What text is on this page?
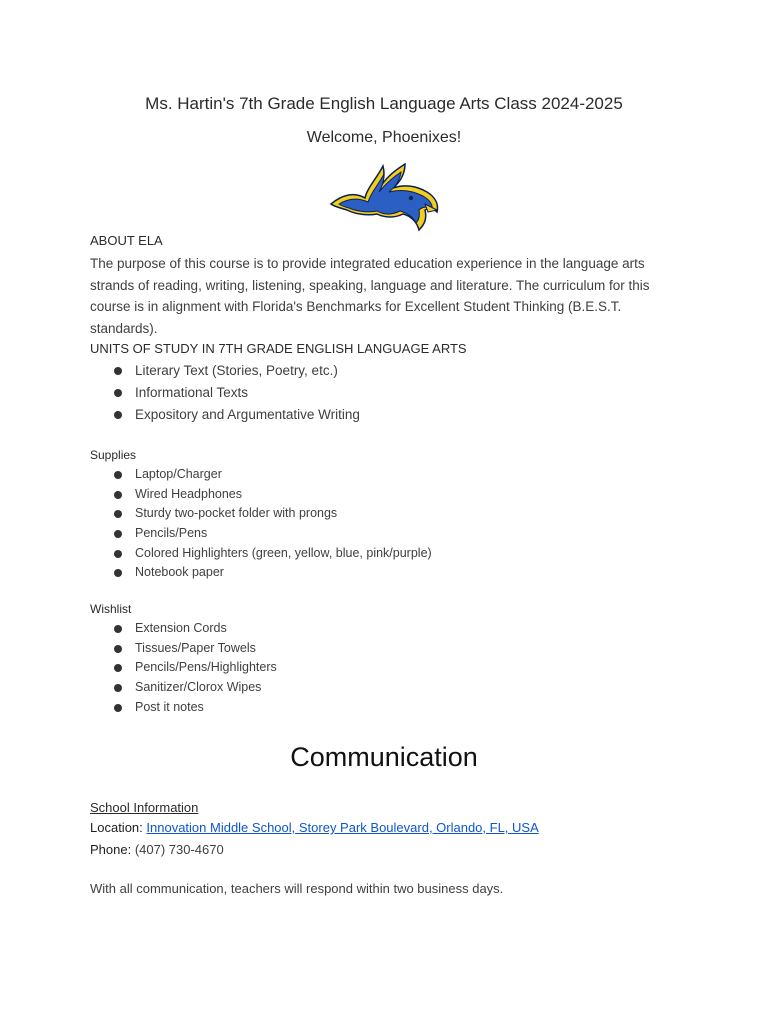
Ms. Hartin's 7th Grade English Language Arts Class 2024-2025
Welcome, Phoenixes!
ABOUT ELA
The purpose of this course is to provide integrated education experience in the language arts strands of reading, writing, listening, speaking, language and literature. The curriculum for this course is in alignment with Florida's Benchmarks for Excellent Student Thinking (B.E.S.T. standards).
UNITS OF STUDY IN 7TH GRADE ENGLISH LANGUAGE ARTS
Literary Text (Stories, Poetry, etc.)
Informational Texts
Expository and Argumentative Writing
Supplies
Laptop/Charger
Wired Headphones
Sturdy two-pocket folder with prongs
Pencils/Pens
Colored Highlighters (green, yellow, blue, pink/purple)
Notebook paper
Wishlist
Extension Cords
Tissues/Paper Towels
Pencils/Pens/Highlighters
Sanitizer/Clorox Wipes
Post it notes
Communication
School Information
Location: Innovation Middle School, Storey Park Boulevard, Orlando, FL, USA
Phone: (407) 730-4670
With all communication, teachers will respond within two business days.
